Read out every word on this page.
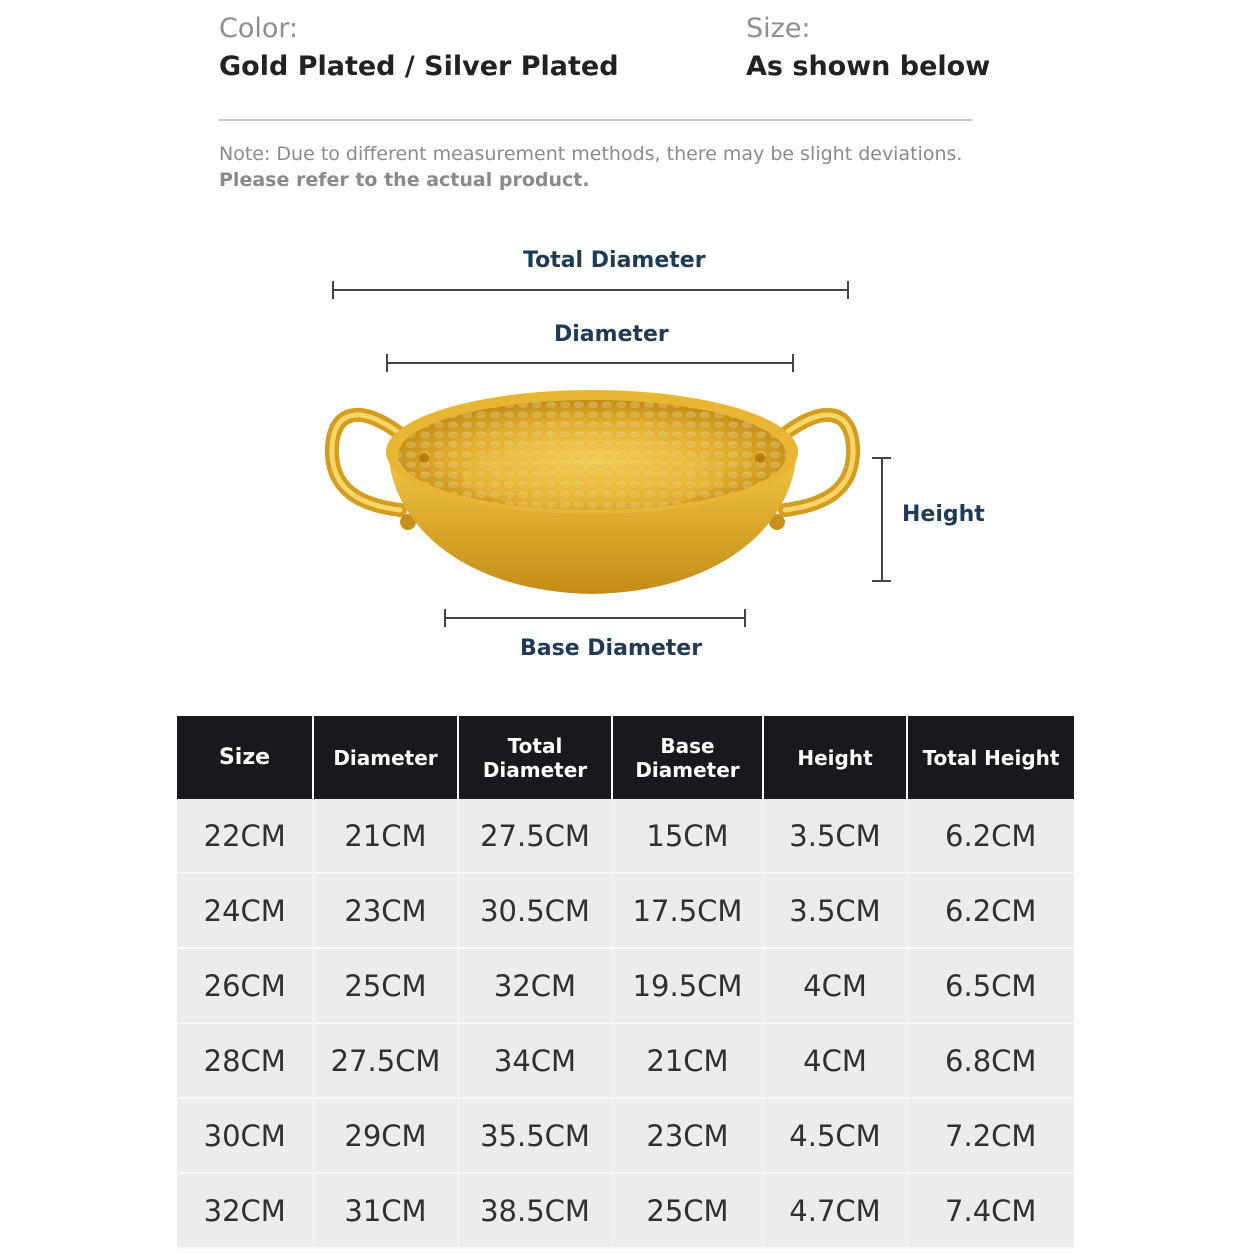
Color:
Gold Plated / Silver Plated
Size:
As shown below
Note: Due to different measurement methods, there may be slight deviations.
Please refer to the actual product.
Total Diameter
Diameter
Height
Base Diameter
Size	Diameter	Total Diameter	Base Diameter	Height	Total Height
22CM	21CM	27.5CM	15CM	3.5CM	6.2CM
24CM	23CM	30.5CM	17.5CM	3.5CM	6.2CM
26CM	25CM	32CM	19.5CM	4CM	6.5CM
28CM	27.5CM	34CM	21CM	4CM	6.8CM
30CM	29CM	35.5CM	23CM	4.5CM	7.2CM
32CM	31CM	38.5CM	25CM	4.7CM	7.4CM
